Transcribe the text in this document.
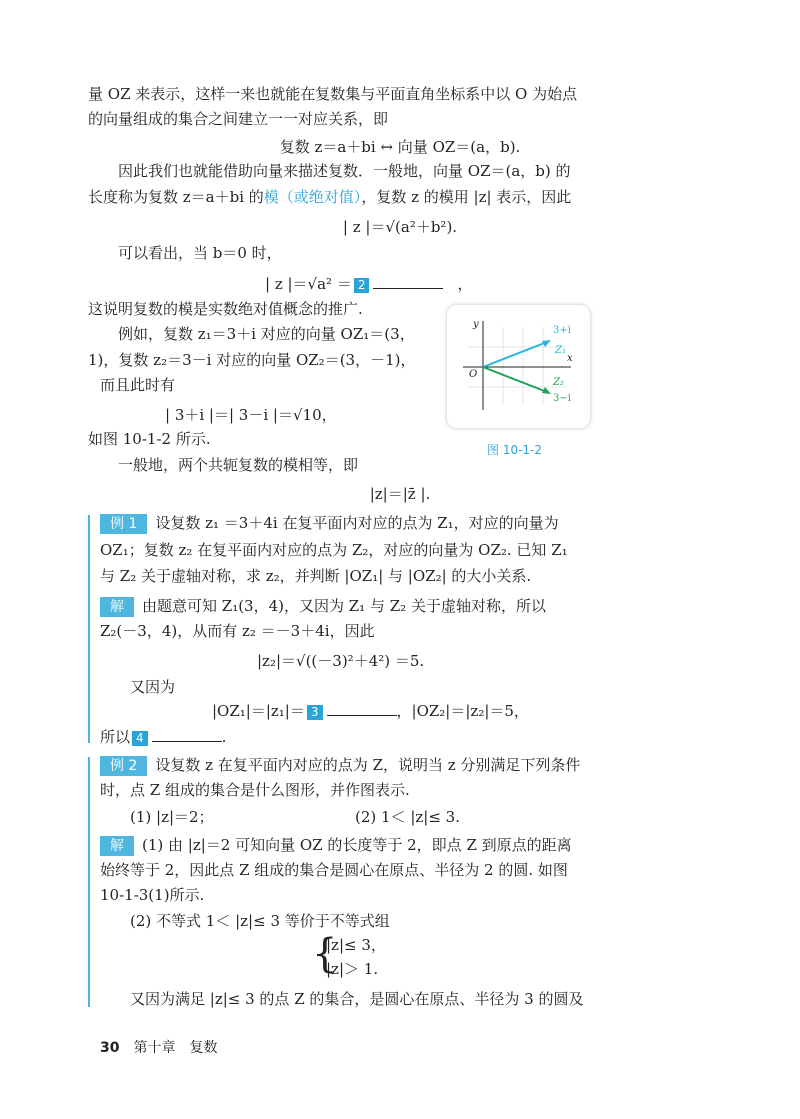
量 OZ 来表示，这样一来也就能在复数集与平面直角坐标系中以 O 为始点
的向量组成的集合之间建立一一对应关系，即
复数 z＝a＋bi ↔ 向量 OZ＝(a，b).
因此我们也就能借助向量来描述复数．一般地，向量 OZ＝(a，b) 的
长度称为复数 z＝a＋bi 的模（或绝对值），复数 z 的模用 |z| 表示，因此
| z |＝√(a²＋b²).
可以看出，当 b＝0 时，
| z |＝√a² ＝ 2	，
这说明复数的模是实数绝对值概念的推广.
例如，复数 z₁＝3＋i 对应的向量 OZ₁＝(3，
1)，复数 z₂＝3－i 对应的向量 OZ₂＝(3，－1)，
而且此时有
| 3＋i |＝| 3－i |＝√10，
如图 10-1-2 所示.
一般地，两个共轭复数的模相等，即
|z|＝|z̄ |.
y
x
O
3+i
Z₁
Z₂
3−i
图 10-1-2
例 1 设复数 z₁ ＝3＋4i 在复平面内对应的点为 Z₁，对应的向量为
OZ₁；复数 z₂ 在复平面内对应的点为 Z₂，对应的向量为 OZ₂. 已知 Z₁
与 Z₂ 关于虚轴对称，求 z₂，并判断 |OZ₁| 与 |OZ₂| 的大小关系.
解 由题意可知 Z₁(3，4)，又因为 Z₁ 与 Z₂ 关于虚轴对称，所以
Z₂(－3，4)，从而有 z₂ ＝－3＋4i，因此
|z₂|＝√((－3)²＋4²) ＝5.
又因为
|OZ₁|＝|z₁|＝ 3	，|OZ₂|＝|z₂|＝5，
所以 4	.
例 2 设复数 z 在复平面内对应的点为 Z，说明当 z 分别满足下列条件
时，点 Z 组成的集合是什么图形，并作图表示.
(1) |z|＝2；	(2) 1＜ |z|≤ 3.
解 (1) 由 |z|＝2 可知向量 OZ 的长度等于 2，即点 Z 到原点的距离
始终等于 2，因此点 Z 组成的集合是圆心在原点、半径为 2 的圆. 如图
10-1-3(1)所示.
(2) 不等式 1＜ |z|≤ 3 等价于不等式组
{
|z|≤ 3，
|z|＞ 1.
又因为满足 |z|≤ 3 的点 Z 的集合，是圆心在原点、半径为 3 的圆及
30 第十章　复数
